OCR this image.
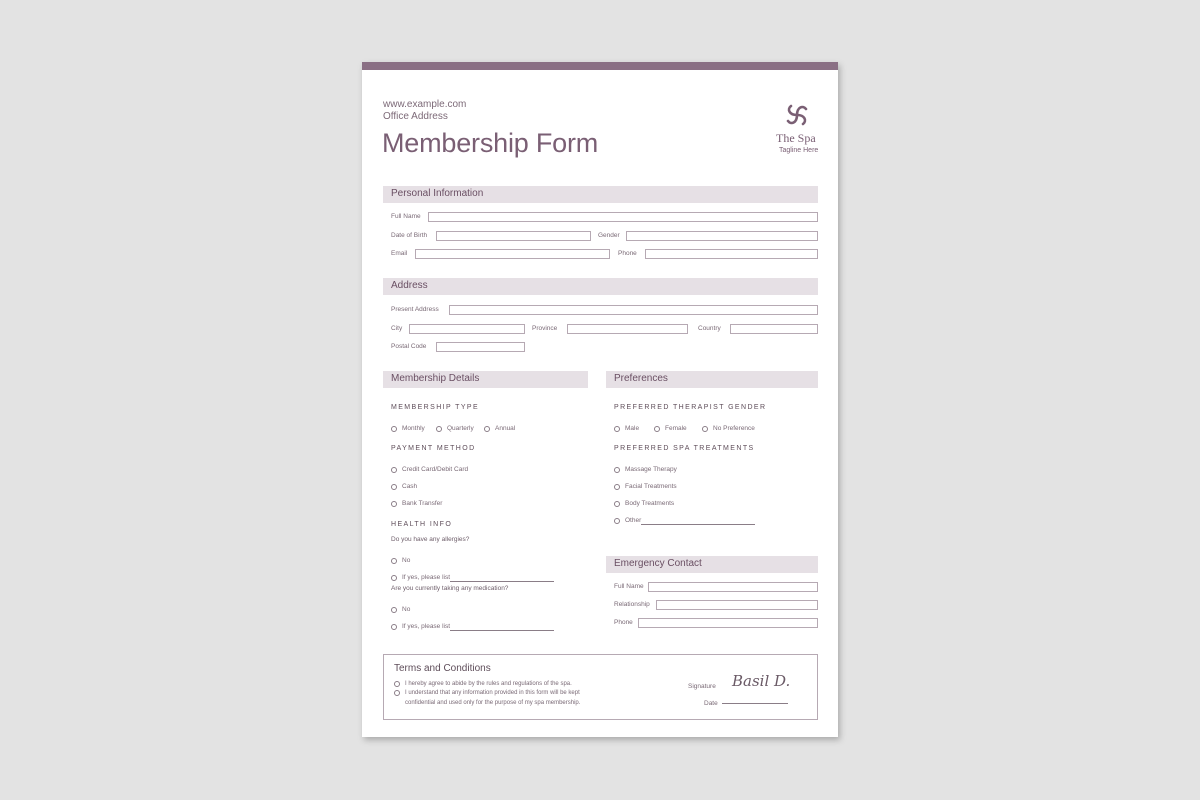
www.example.com
Office Address
Membership Form	The Spa
Tagline Here
Personal Information
Full Name
Date of Birth	Gender
Email	Phone
Address
Present Address
City	Province	Country
Postal Code
Membership Details
MEMBERSHIP TYPE
Monthly	Quarterly	Annual
PAYMENT METHOD
Credit Card/Debit Card
Cash
Bank Transfer
HEALTH INFO
Do you have any allergies?
No
If yes, please list
Are you currently taking any medication?
No
If yes, please list
Preferences
PREFERRED THERAPIST GENDER
Male	Female	No Preference
PREFERRED SPA TREATMENTS
Massage Therapy
Facial Treatments
Body Treatments
Other
Emergency Contact
Full Name
Relationship
Phone
Terms and Conditions
I hereby agree to abide by the rules and regulations of the spa.
I understand that any information provided in this form will be kept
confidential and used only for the purpose of my spa membership.
Signature Basil D.
Date
